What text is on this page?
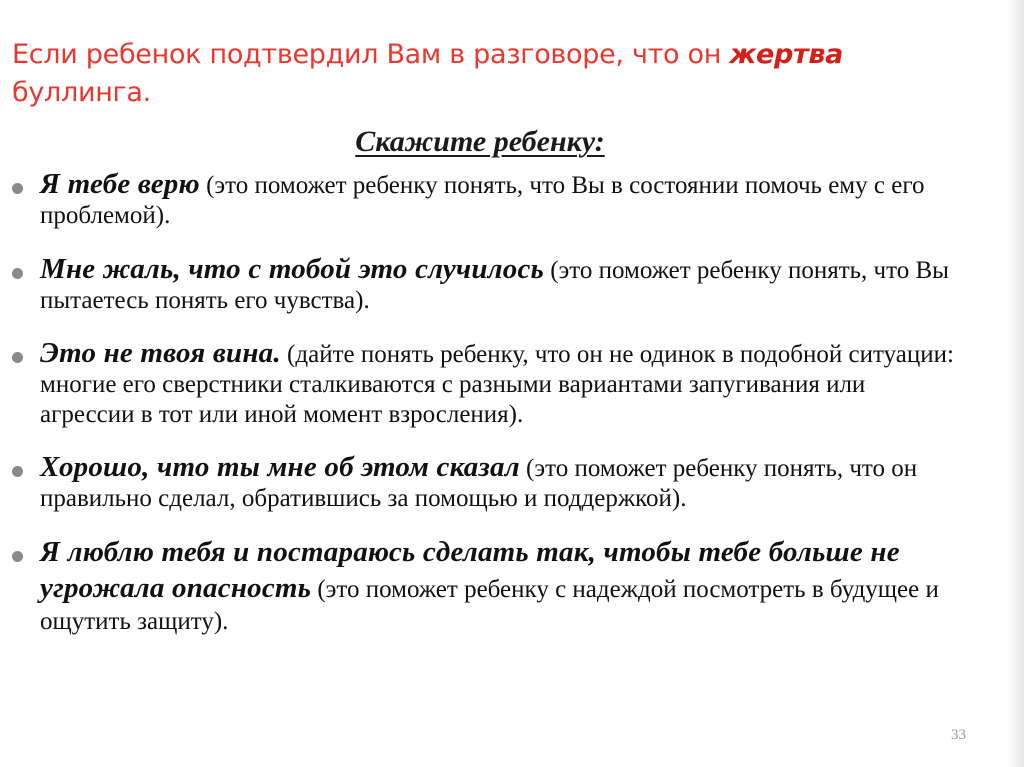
Если ребенок подтвердил Вам в разговоре, что он жертва буллинга.
Скажите ребенку:

Я тебе верю (это поможет ребенку понять, что Вы в состоянии помочь ему с его проблемой).

Мне жаль, что с тобой это случилось (это поможет ребенку понять, что Вы пытаетесь понять его чувства).

Это не твоя вина. (дайте понять ребенку, что он не одинок в подобной ситуации: многие его сверстники сталкиваются с разными вариантами запугивания или агрессии в тот или иной момент взросления).

Хорошо, что ты мне об этом сказал (это поможет ребенку понять, что он правильно сделал, обратившись за помощью и поддержкой).

Я люблю тебя и постараюсь сделать так, чтобы тебе больше не угрожала опасность (это поможет ребенку с надеждой посмотреть в будущее и ощутить защиту).

33
